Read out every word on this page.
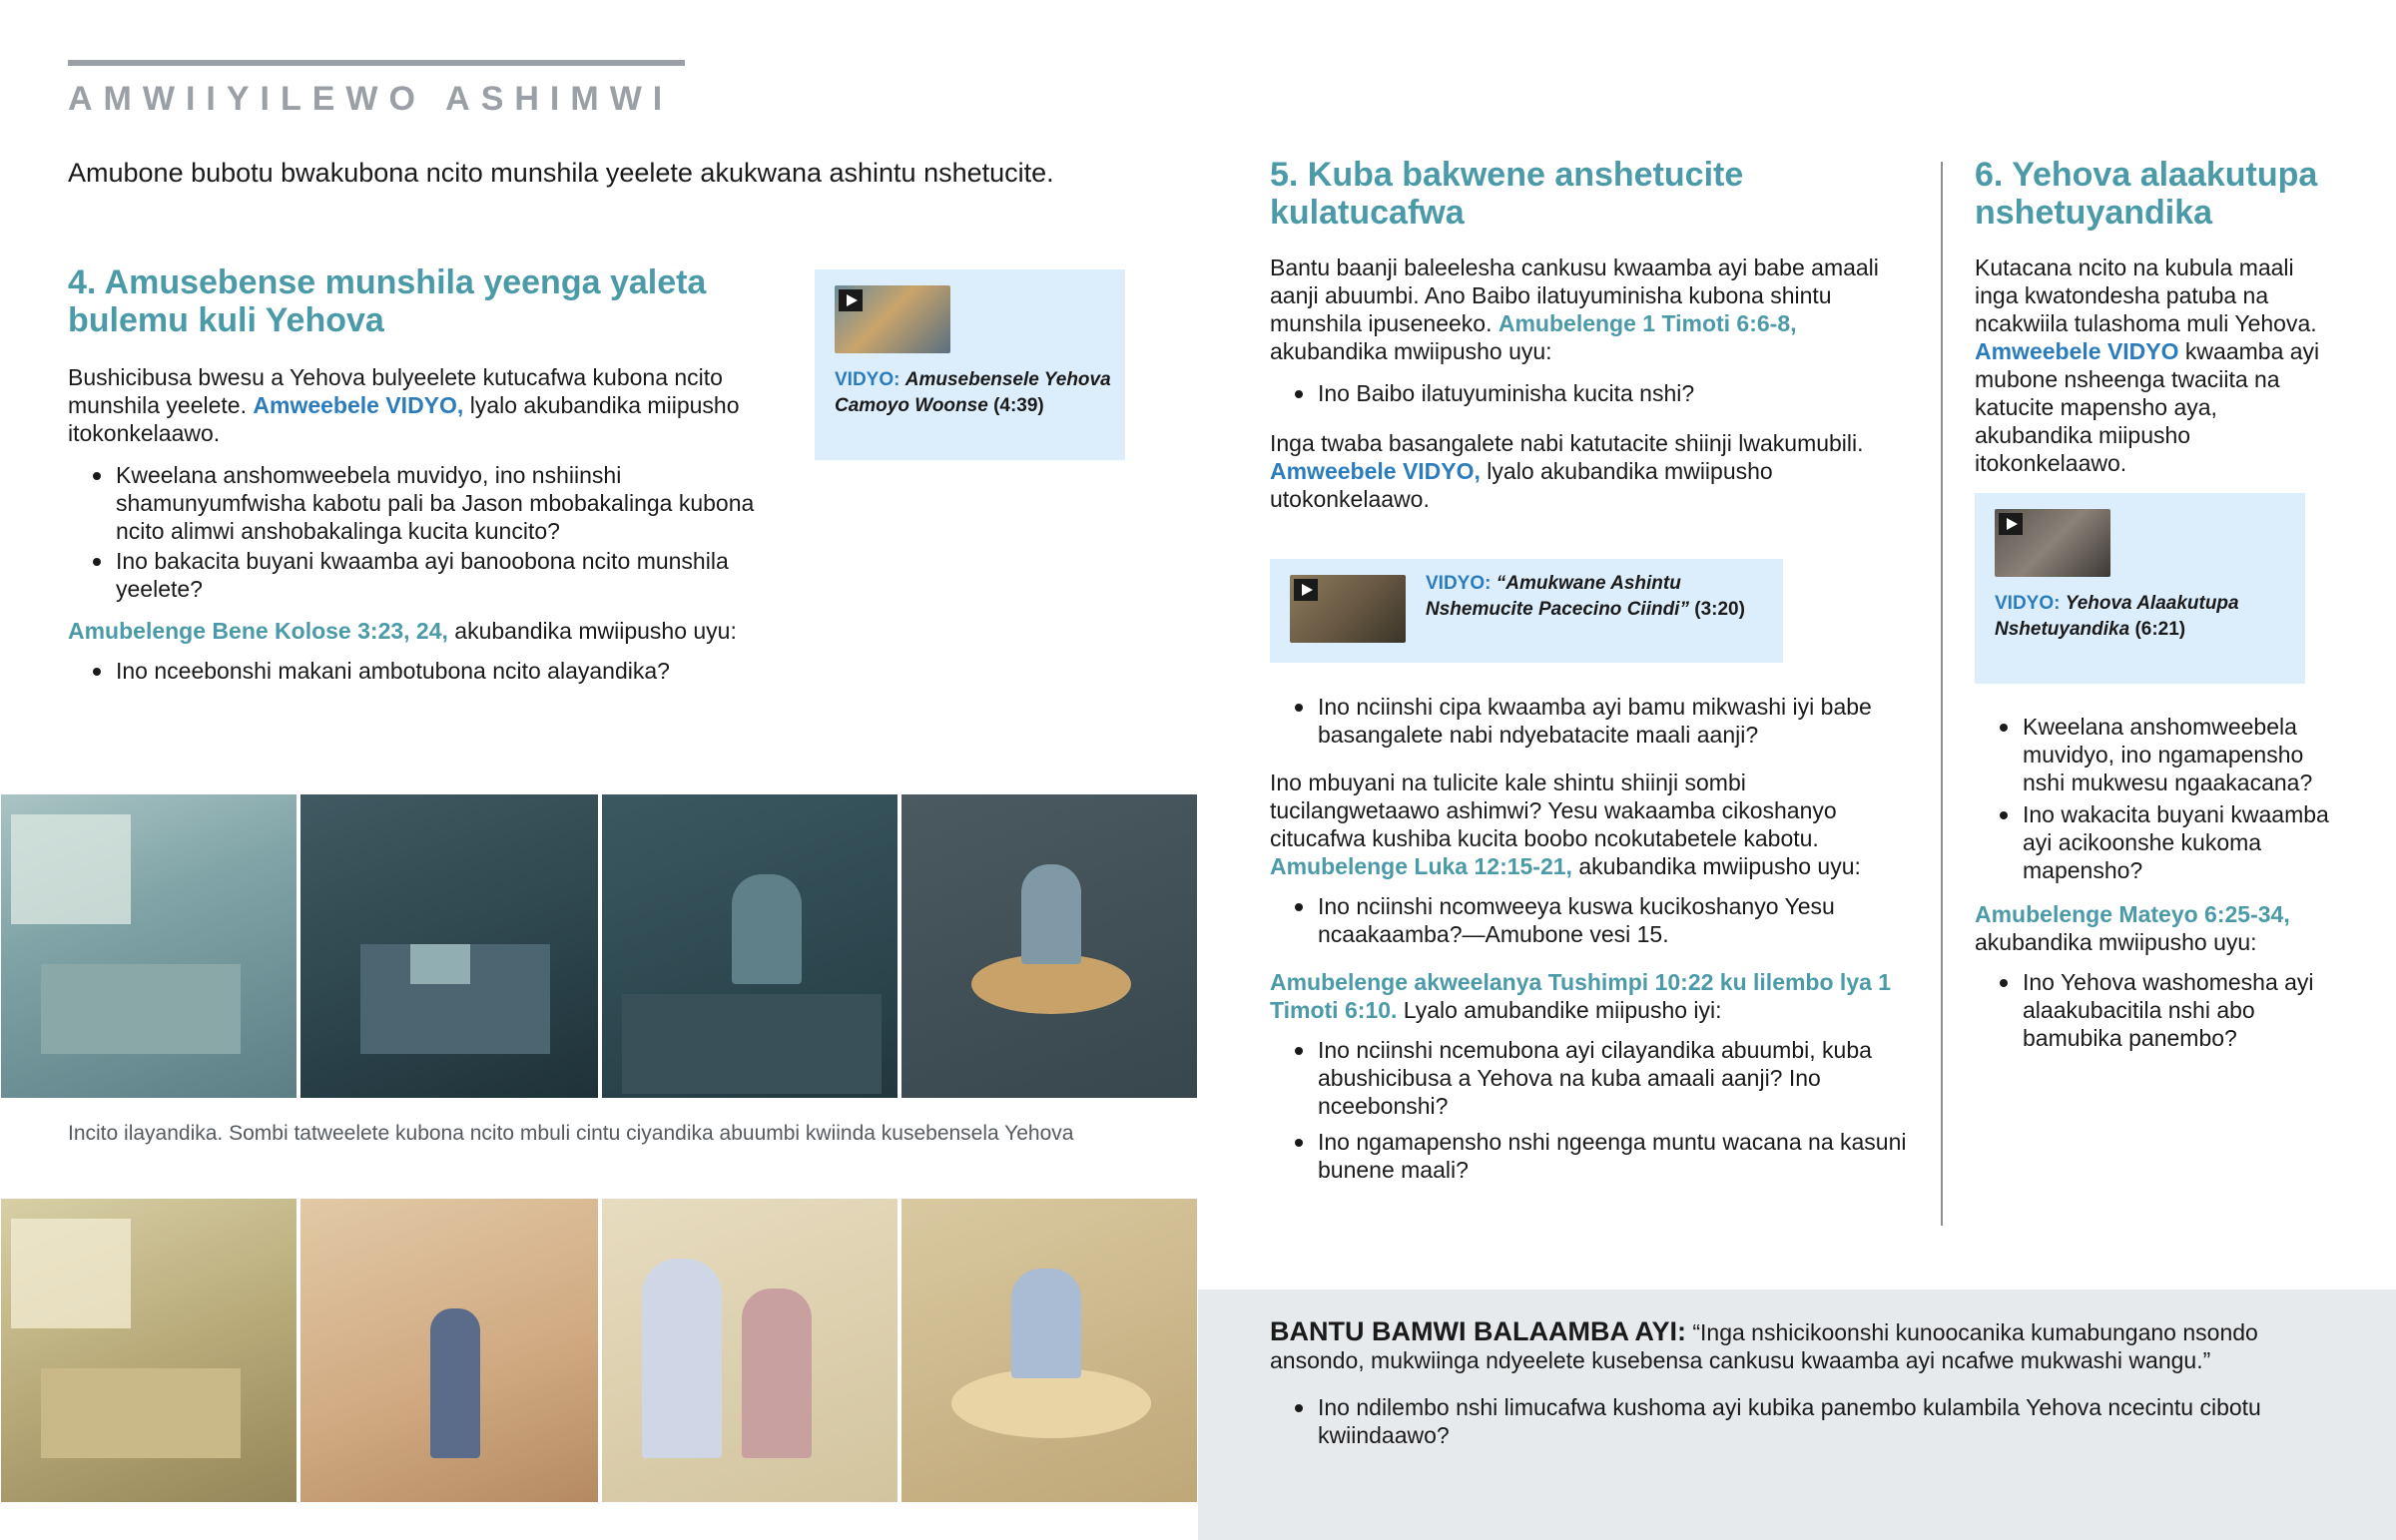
AMWIIYILEWO ASHIMWI
Amubone bubotu bwakubona ncito munshila yeelete akukwana ashintu nshetucite.
4. Amusebense munshila yeenga yaleta
bulemu kuli Yehova

Bushicibusa bwesu a Yehova bulyeelete kutucafwa kubona ncito munshila yeelete. Amweebele VIDYO, lyalo akubandika miipusho itokonkelaawo.

Kweelana anshomweebela muvidyo, ino nshiinshi shamunyumfwisha kabotu pali ba Jason mbobakalinga kubona ncito alimwi anshobakalinga kucita kuncito?
Ino bakacita buyani kwaamba ayi banoobona ncito munshila yeelete?

Amubelenge Bene Kolose 3:23, 24, akubandika mwiipusho uyu:

Ino nceebonshi makani ambotubona ncito alayandika?
VIDYO: Amusebensele Yehova Camoyo Woonse (4:39)
Incito ilayandika. Sombi tatweelete kubona ncito mbuli cintu ciyandika abuumbi kwiinda kusebensela Yehova
5. Kuba bakwene anshetucite
kulatucafwa

Bantu baanji baleelesha cankusu kwaamba ayi babe amaali aanji abuumbi. Ano Baibo ilatuyuminisha kubona shintu munshila ipuseneeko. Amubelenge 1 Timoti 6:6-8, akubandika mwiipusho uyu:

Ino Baibo ilatuyuminisha kucita nshi?

Inga twaba basangalete nabi katutacite shiinji lwakumubili. Amweebele VIDYO, lyalo akubandika mwiipusho utokonkelaawo.

VIDYO: “Amukwane Ashintu Nshemucite Pacecino Ciindi” (3:20)
Ino nciinshi cipa kwaamba ayi bamu mikwashi iyi babe basangalete nabi ndyebatacite maali aanji?

Ino mbuyani na tulicite kale shintu shiinji sombi tucilangwetaawo ashimwi? Yesu wakaamba cikoshanyo citucafwa kushiba kucita boobo ncokutabetele kabotu. Amubelenge Luka 12:15-21, akubandika mwiipusho uyu:

Ino nciinshi ncomweeya kuswa kucikoshanyo Yesu ncaakaamba?—Amubone vesi 15.

Amubelenge akweelanya Tushimpi 10:22 ku lilembo lya 1 Timoti 6:10. Lyalo amubandike miipusho iyi:

Ino nciinshi ncemubona ayi cilayandika abuumbi, kuba abushicibusa a Yehova na kuba amaali aanji? Ino nceebonshi?
Ino ngamapensho nshi ngeenga muntu wacana na kasuni bunene maali?
6. Yehova alaakutupa
nshetuyandika

Kutacana ncito na kubula maali inga kwatondesha patuba na ncakwiila tulashoma muli Yehova. Amweebele VIDYO kwaamba ayi mubone nsheenga twaciita na katucite mapensho aya, akubandika miipusho itokonkelaawo.

VIDYO: Yehova Alaakutupa Nshetuyandika (6:21)
Kweelana anshomweebela muvidyo, ino ngamapensho nshi mukwesu ngaakacana?
Ino wakacita buyani kwaamba ayi acikoonshe kukoma mapensho?

Amubelenge Mateyo 6:25-34, akubandika mwiipusho uyu:

Ino Yehova washomesha ayi alaakubacitila nshi abo bamubika panembo?

BANTU BAMWI BALAAMBA AYI: “Inga nshicikoonshi kunoocanika kumabungano nsondo ansondo, mukwiinga ndyeelete kusebensa cankusu kwaamba ayi ncafwe mukwashi wangu.”

Ino ndilembo nshi limucafwa kushoma ayi kubika panembo kulambila Yehova ncecintu cibotu kwiindaawo?
